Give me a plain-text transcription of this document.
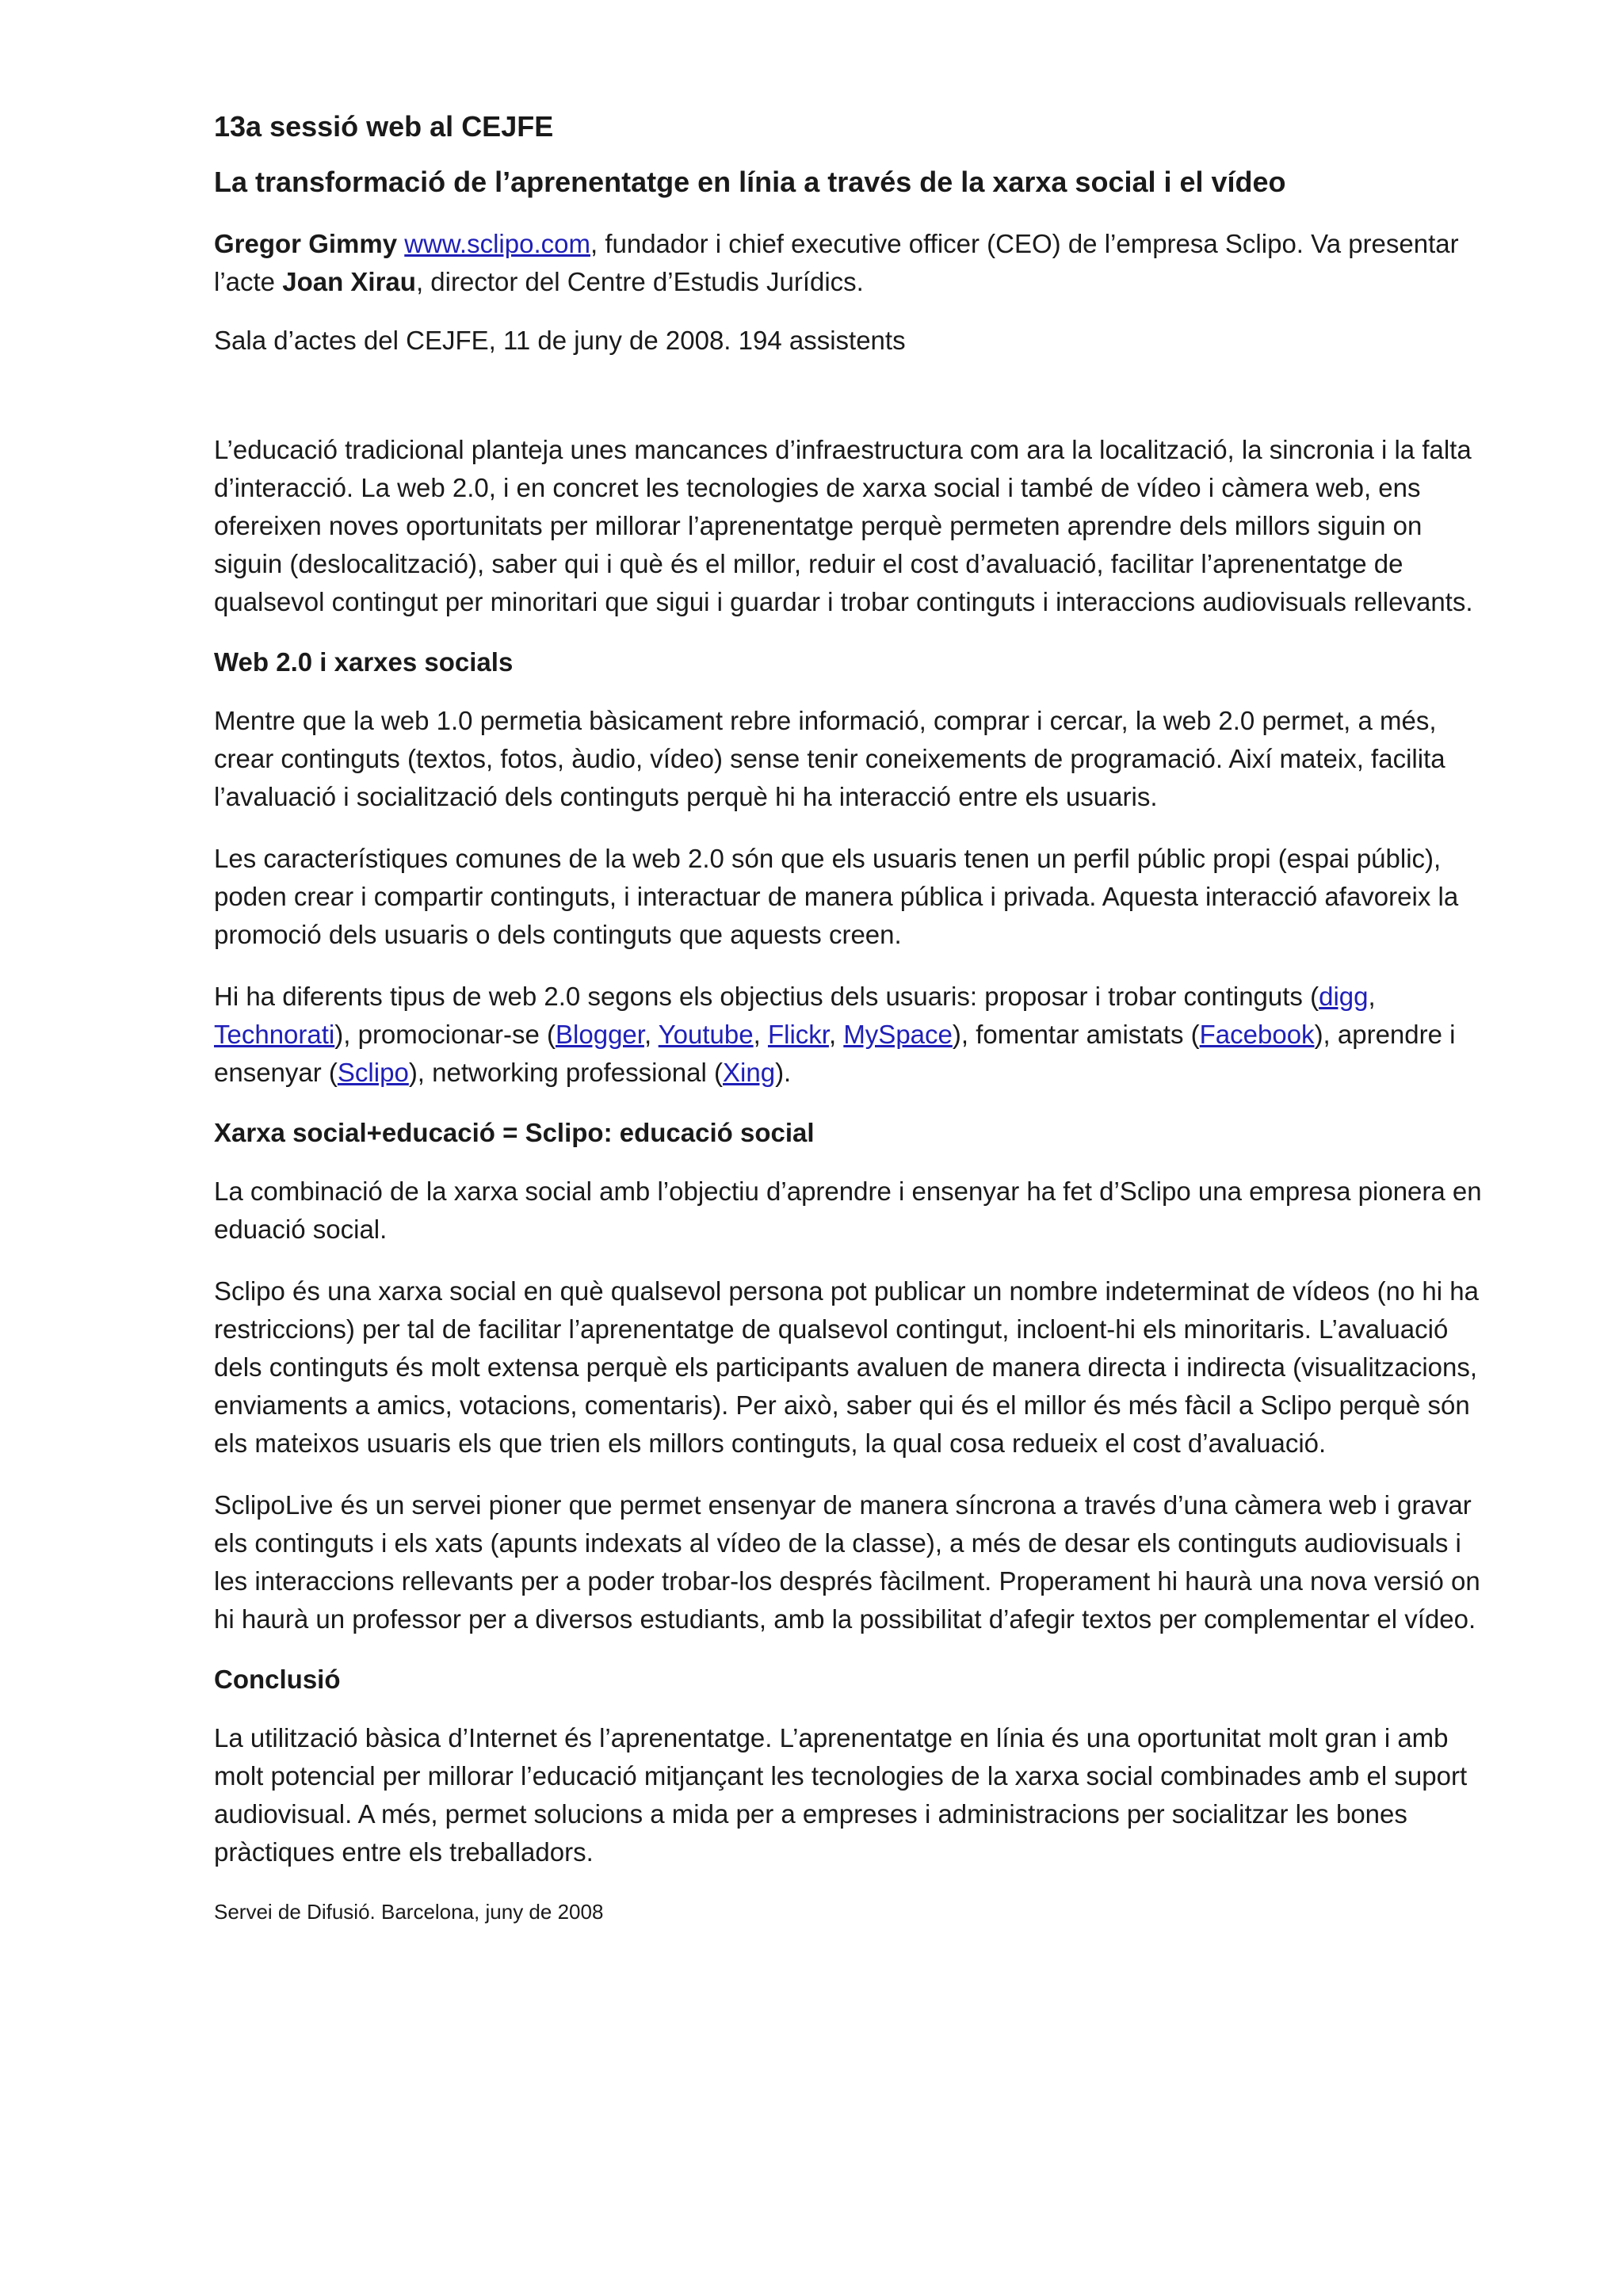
13a sessió web al CEJFE
La transformació de l’aprenentatge en línia a través de la xarxa social i el vídeo

Gregor Gimmy www.sclipo.com, fundador i chief executive officer (CEO) de l’empresa Sclipo. Va presentar l’acte Joan Xirau, director del Centre d’Estudis Jurídics.

Sala d’actes del CEJFE, 11 de juny de 2008. 194 assistents

L’educació tradicional planteja unes mancances d’infraestructura com ara la localització, la sincronia i la falta d’interacció. La web 2.0, i en concret les tecnologies de xarxa social i també de vídeo i càmera web, ens ofereixen noves oportunitats per millorar l’aprenentatge perquè permeten aprendre dels millors siguin on siguin (deslocalització), saber qui i què és el millor, reduir el cost d’avaluació, facilitar l’aprenentatge de qualsevol contingut per minoritari que sigui i guardar i trobar continguts i interaccions audiovisuals rellevants.

Web 2.0 i xarxes socials

Mentre que la web 1.0 permetia bàsicament rebre informació, comprar i cercar, la web 2.0 permet, a més, crear continguts (textos, fotos, àudio, vídeo) sense tenir coneixements de programació. Així mateix, facilita l’avaluació i socialització dels continguts perquè hi ha interacció entre els usuaris.

Les característiques comunes de la web 2.0 són que els usuaris tenen un perfil públic propi (espai públic), poden crear i compartir continguts, i interactuar de manera pública i privada. Aquesta interacció afavoreix la promoció dels usuaris o dels continguts que aquests creen.

Hi ha diferents tipus de web 2.0 segons els objectius dels usuaris: proposar i trobar continguts (digg, Technorati), promocionar-se (Blogger, Youtube, Flickr, MySpace), fomentar amistats (Facebook), aprendre i ensenyar (Sclipo), networking professional (Xing).

Xarxa social+educació = Sclipo: educació social

La combinació de la xarxa social amb l’objectiu d’aprendre i ensenyar ha fet d’Sclipo una empresa pionera en eduació social.

Sclipo és una xarxa social en què qualsevol persona pot publicar un nombre indeterminat de vídeos (no hi ha restriccions) per tal de facilitar l’aprenentatge de qualsevol contingut, incloent-hi els minoritaris. L’avaluació dels continguts és molt extensa perquè els participants avaluen de manera directa i indirecta (visualitzacions, enviaments a amics, votacions, comentaris). Per això, saber qui és el millor és més fàcil a Sclipo perquè són els mateixos usuaris els que trien els millors continguts, la qual cosa redueix el cost d’avaluació.

SclipoLive és un servei pioner que permet ensenyar de manera síncrona a través d’una càmera web i gravar els continguts i els xats (apunts indexats al vídeo de la classe), a més de desar els continguts audiovisuals i les interaccions rellevants per a poder trobar-los després fàcilment. Properament hi haurà una nova versió on hi haurà un professor per a diversos estudiants, amb la possibilitat d’afegir textos per complementar el vídeo.

Conclusió

La utilització bàsica d’Internet és l’aprenentatge. L’aprenentatge en línia és una oportunitat molt gran i amb molt potencial per millorar l’educació mitjançant les tecnologies de la xarxa social combinades amb el suport audiovisual. A més, permet solucions a mida per a empreses i administracions per socialitzar les bones pràctiques entre els treballadors.

Servei de Difusió. Barcelona, juny de 2008
